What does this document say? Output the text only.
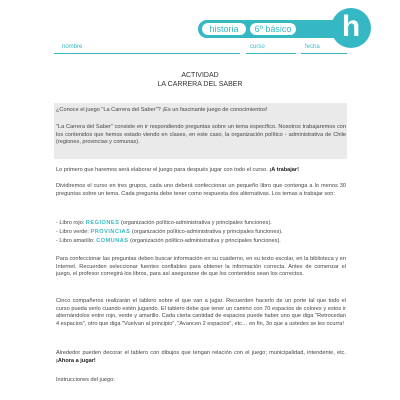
historia	6º básico	h
nombre	curso	fecha
ACTIVIDAD
LA CARRERA DEL SABER
¿Conoce el juego "La Carrera del Saber"? ¡Es un fascinante juego de conocimientos!
"La Carrera del Saber" consiste en ir respondiendo preguntas sobre un tema específico. Nosotros trabajaremos con los contenidos que hemos estado viendo en clases, en este caso, la organización político - administrativa de Chile (regiones, provincias y comunas).
Lo primero que haremos será elaborar el juego para después jugar con todo el curso. ¡A trabajar!
Dividiremos el curso en tres grupos, cada uno deberá confeccionar un pequeño libro que contenga a lo menos 30 preguntas sobre un tema. Cada pregunta debe tener como respuesta dos alternativas. Los temas a trabajar son:
- Libro rojo: REGIONES (organización político-administrativa y principales funciones).
- Libro verde: PROVINCIAS (organización político-administrativa y principales funciones).
- Libro amarillo: COMUNAS (organización político-administrativa y principales funciones).
Para confeccionar las preguntas deben buscar información en su cuaderno, en su texto escolar, en la biblioteca y en Internet. Recuerden seleccionar fuentes confiables para obtener la información correcta. Antes de comenzar el juego, el profesor corregirá los libros, para así asegurarse de que los contenidos sean los correctos.
Cinco compañeros realizarán el tablero sobre el que van a jugar. Recuerden hacerlo de un porte tal que todo el curso pueda verlo cuando estén jugando. El tablero debe que tener un camino con 70 espacios de colores y estos ir alternándolos entre rojo, verde y amarillo. Cada cierta cantidad de espacios puede haber uno que diga "Retrocedan 4 espacios", otro que diga "Vuelvan al principio", "Avancen 2 espacios", etc… en fin, 3o que a ustedes se les ocurra!
Alrededor pueden decorar el tablero con dibujos que tengan relación con el juego; municipalidad, intendente, etc. ¡Ahora a jugar!
Instrucciones del juego:
